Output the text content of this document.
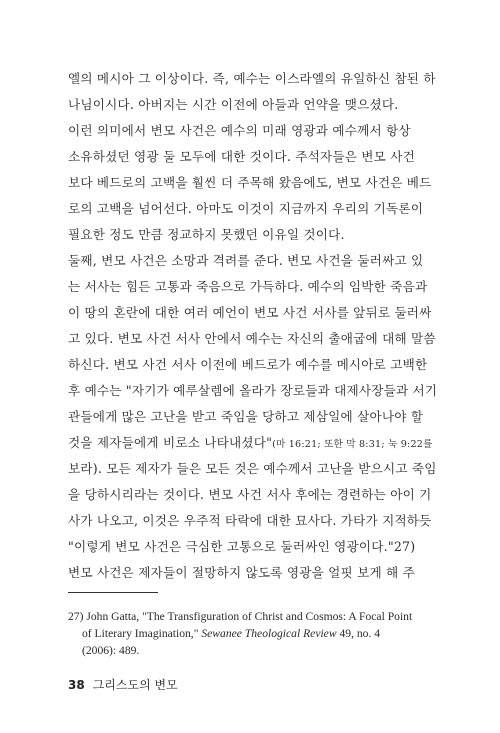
엘의 메시아 그 이상이다. 즉, 예수는 이스라엘의 유일하신 참된 하
나님이시다. 아버지는 시간 이전에 아들과 언약을 맺으셨다.
이런 의미에서 변모 사건은 예수의 미래 영광과 예수께서 항상
소유하셨던 영광 둘 모두에 대한 것이다. 주석자들은 변모 사건
보다 베드로의 고백을 훨씬 더 주목해 왔음에도, 변모 사건은 베드
로의 고백을 넘어선다. 아마도 이것이 지금까지 우리의 기독론이
필요한 정도 만큼 정교하지 못했던 이유일 것이다.
둘째, 변모 사건은 소망과 격려를 준다. 변모 사건을 둘러싸고 있
는 서사는 힘든 고통과 죽음으로 가득하다. 예수의 임박한 죽음과
이 땅의 혼란에 대한 여러 예언이 변모 사건 서사를 앞뒤로 둘러싸
고 있다. 변모 사건 서사 안에서 예수는 자신의 출애굽에 대해 말씀
하신다. 변모 사건 서사 이전에 베드로가 예수를 메시아로 고백한
후 예수는 "자기가 예루살렘에 올라가 장로들과 대제사장들과 서기
관들에게 많은 고난을 받고 죽임을 당하고 제삼일에 살아나야 할
것을 제자들에게 비로소 나타내셨다"(마 16:21; 또한 막 8:31; 눅 9:22를
보라). 모든 제자가 들은 모든 것은 예수께서 고난을 받으시고 죽임
을 당하시리라는 것이다. 변모 사건 서사 후에는 경련하는 아이 기
사가 나오고, 이것은 우주적 타락에 대한 묘사다. 가타가 지적하듯
"이렇게 변모 사건은 극심한 고통으로 둘러싸인 영광이다."27)
변모 사건은 제자들이 절망하지 않도록 영광을 얼핏 보게 해 주
27) John Gatta, "The Transfiguration of Christ and Cosmos: A Focal Point
of Literary Imagination," Sewanee Theological Review 49, no. 4
(2006): 489.
38 그리스도의 변모
